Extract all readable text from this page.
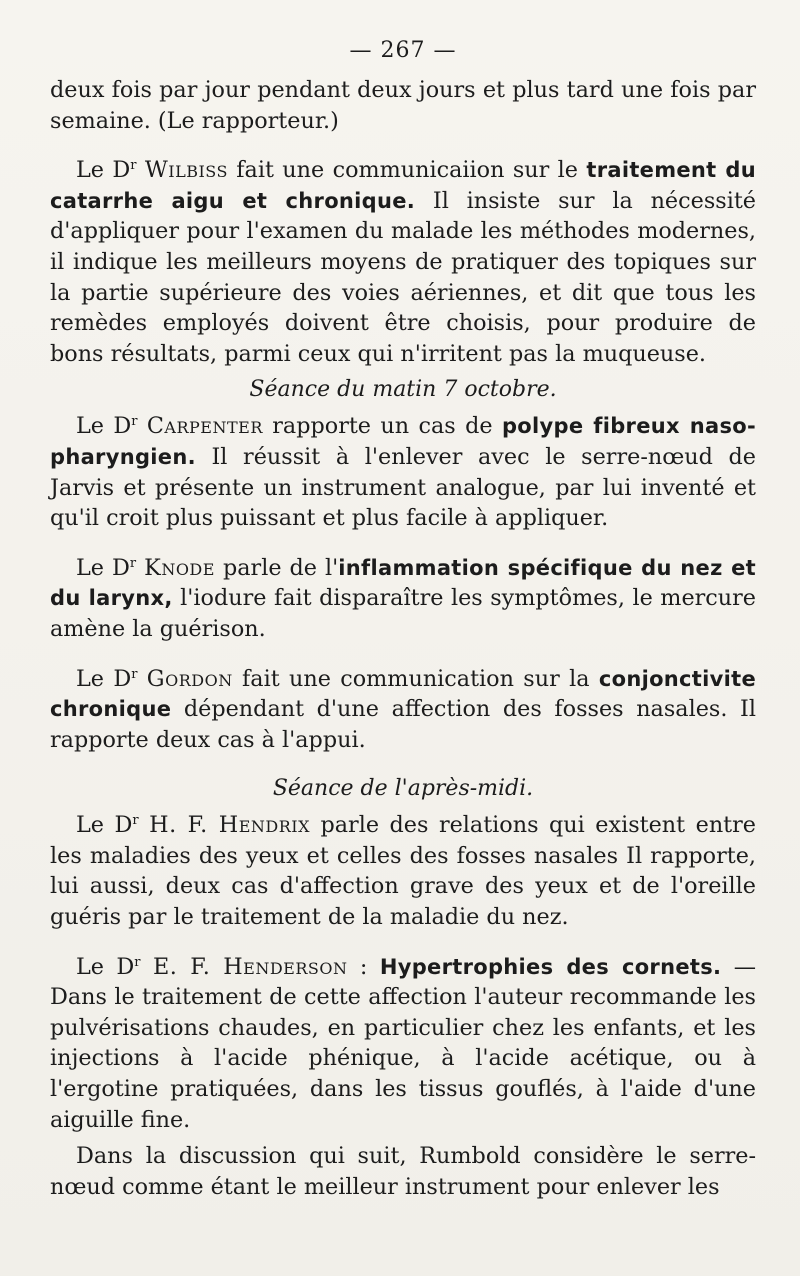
— 267 —

deux fois par jour pendant deux jours et plus tard une fois par semaine. (Le rapporteur.)

Le $D^r$ Wilbiss fait une communicaiion sur le traitement du catarrhe aigu et chronique. Il insiste sur la nécessité d'appliquer pour l'examen du malade les méthodes modernes, il indique les meilleurs moyens de pratiquer des topiques sur la partie supérieure des voies aériennes, et dit que tous les remèdes employés doivent être choisis, pour produire de bons résultats, parmi ceux qui n'irritent pas la muqueuse.

Séance du matin 7 octobre.

Le $D^r$ Carpenter rapporte un cas de polype fibreux naso-pharyngien. Il réussit à l'enlever avec le serre-nœud de Jarvis et présente un instrument analogue, par lui inventé et qu'il croit plus puissant et plus facile à appliquer.

Le $D^r$ Knode parle de l'inflammation spécifique du nez et du larynx, l'iodure fait disparaître les symptômes, le mercure amène la guérison.

Le $D^r$ Gordon fait une communication sur la conjonctivite chronique dépendant d'une affection des fosses nasales. Il rapporte deux cas à l'appui.

Séance de l'après-midi.

Le $D^r$ H. F. Hendrix parle des relations qui existent entre les maladies des yeux et celles des fosses nasales Il rapporte, lui aussi, deux cas d'affection grave des yeux et de l'oreille guéris par le traitement de la maladie du nez.

Le $D^r$ E. F. Henderson : Hypertrophies des cornets. — Dans le traitement de cette affection l'auteur recommande les pulvérisations chaudes, en particulier chez les enfants, et les injections à l'acide phénique, à l'acide acétique, ou à l'ergotine pratiquées, dans les tissus gouflés, à l'aide d'une aiguille fine.

Dans la discussion qui suit, Rumbold considère le serre-nœud comme étant le meilleur instrument pour enlever les
